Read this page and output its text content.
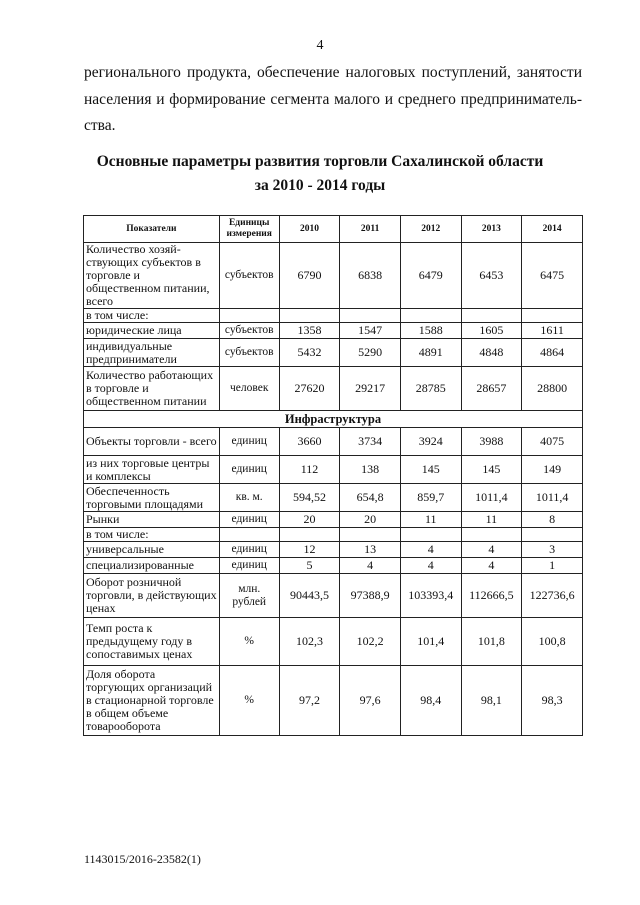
4
регионального продукта, обеспечение налоговых поступлений, занятости
населения и формирование сегмента малого и среднего предприниматель-
ства.
Основные параметры развития торговли Сахалинской области
за 2010 - 2014 годы
Показатели	Единицы измерения	2010	2011	2012	2013	2014
Количество хозяй- ствующих субъектов в торговле и общественном питании, всего	субъектов	6790	6838	6479	6453	6475
в том числе:						
юридические лица	субъектов	1358	1547	1588	1605	1611
индивидуальные предприниматели	субъектов	5432	5290	4891	4848	4864
Количество работающих в торговле и общественном питании	человек	27620	29217	28785	28657	28800
Инфраструктура						
Объекты торговли - всего	единиц	3660	3734	3924	3988	4075
из них торговые центры и комплексы	единиц	112	138	145	145	149
Обеспеченность торговыми площадями	кв. м.	594,52	654,8	859,7	1011,4	1011,4
Рынки	единиц	20	20	11	11	8
в том числе:						
универсальные	единиц	12	13	4	4	3
специализированные	единиц	5	4	4	4	1
Оборот розничной торговли, в действующих ценах	млн. рублей	90443,5	97388,9	103393,4	112666,5	122736,6
Темп роста к предыдущему году в сопоставимых ценах	%	102,3	102,2	101,4	101,8	100,8
Доля оборота торгующих организаций в стационарной торговле в общем объеме товарооборота	%	97,2	97,6	98,4	98,1	98,3
1143015/2016-23582(1)
